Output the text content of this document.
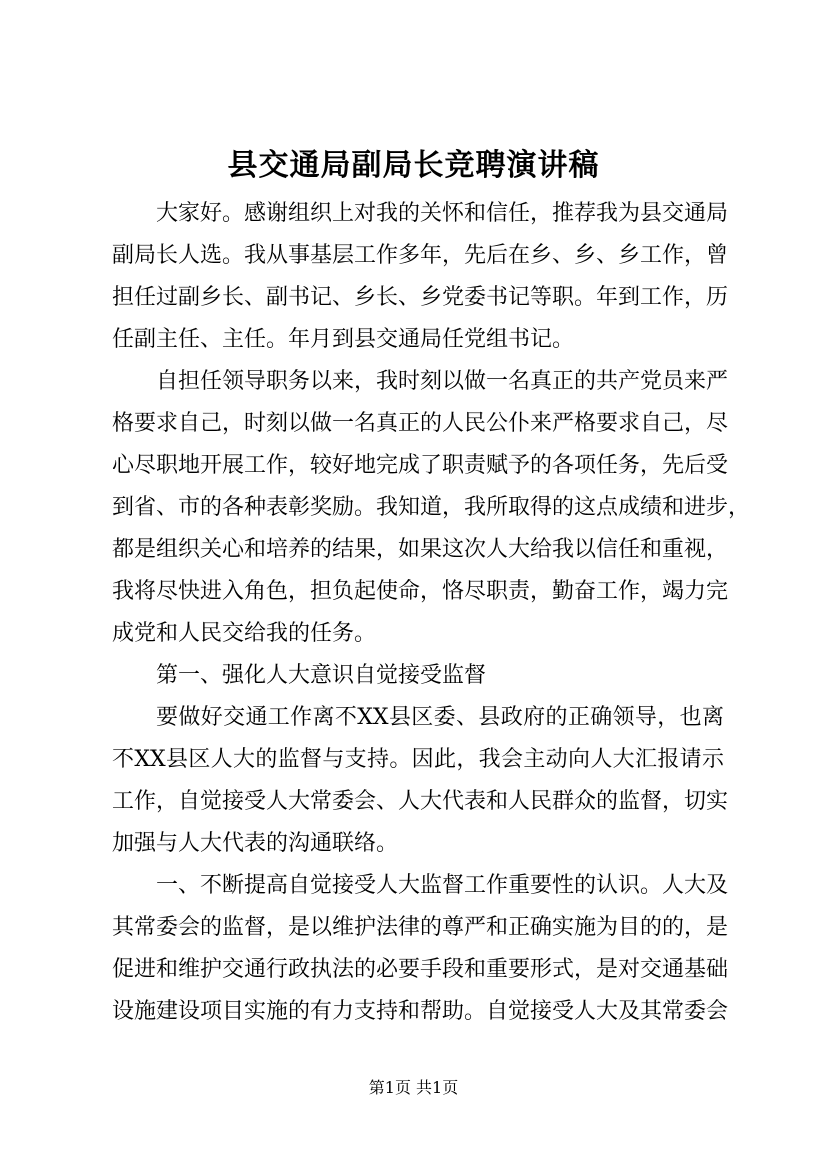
县交通局副局长竞聘演讲稿
大家好。感谢组织上对我的关怀和信任，推荐我为县交通局
副局长人选。我从事基层工作多年，先后在乡、乡、乡工作，曾
担任过副乡长、副书记、乡长、乡党委书记等职。年到工作，历
任副主任、主任。年月到县交通局任党组书记。
自担任领导职务以来，我时刻以做一名真正的共产党员来严
格要求自己，时刻以做一名真正的人民公仆来严格要求自己，尽
心尽职地开展工作，较好地完成了职责赋予的各项任务，先后受
到省、市的各种表彰奖励。我知道，我所取得的这点成绩和进步，
都是组织关心和培养的结果，如果这次人大给我以信任和重视，
我将尽快进入角色，担负起使命，恪尽职责，勤奋工作，竭力完
成党和人民交给我的任务。
第一、强化人大意识自觉接受监督
要做好交通工作离不XX县区委、县政府的正确领导，也离
不XX县区人大的监督与支持。因此，我会主动向人大汇报请示
工作，自觉接受人大常委会、人大代表和人民群众的监督，切实
加强与人大代表的沟通联络。
一、不断提高自觉接受人大监督工作重要性的认识。人大及
其常委会的监督，是以维护法律的尊严和正确实施为目的的，是
促进和维护交通行政执法的必要手段和重要形式，是对交通基础
设施建设项目实施的有力支持和帮助。自觉接受人大及其常委会
第1页 共1页
